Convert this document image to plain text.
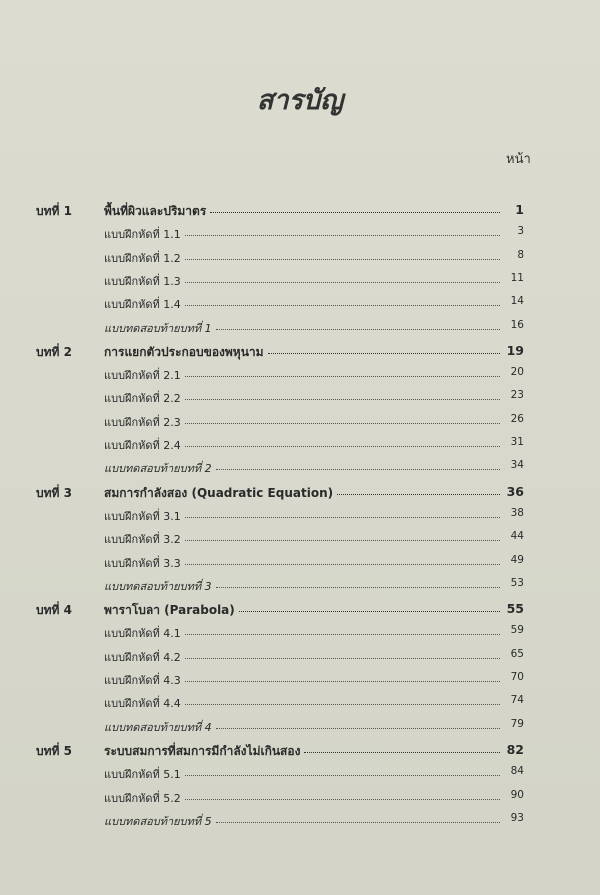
สารบัญ
หน้า
บทที่ 1	พื้นที่ผิวและปริมาตร	1
แบบฝึกหัดที่ 1.1	3
แบบฝึกหัดที่ 1.2	8
แบบฝึกหัดที่ 1.3	11
แบบฝึกหัดที่ 1.4	14
แบบทดสอบท้ายบทที่ 1	16
บทที่ 2	การแยกตัวประกอบของพหุนาม	19
แบบฝึกหัดที่ 2.1	20
แบบฝึกหัดที่ 2.2	23
แบบฝึกหัดที่ 2.3	26
แบบฝึกหัดที่ 2.4	31
แบบทดสอบท้ายบทที่ 2	34
บทที่ 3	สมการกำลังสอง (Quadratic Equation)	36
แบบฝึกหัดที่ 3.1	38
แบบฝึกหัดที่ 3.2	44
แบบฝึกหัดที่ 3.3	49
แบบทดสอบท้ายบทที่ 3	53
บทที่ 4	พาราโบลา (Parabola)	55
แบบฝึกหัดที่ 4.1	59
แบบฝึกหัดที่ 4.2	65
แบบฝึกหัดที่ 4.3	70
แบบฝึกหัดที่ 4.4	74
แบบทดสอบท้ายบทที่ 4	79
บทที่ 5	ระบบสมการที่สมการมีกำลังไม่เกินสอง	82
แบบฝึกหัดที่ 5.1	84
แบบฝึกหัดที่ 5.2	90
แบบทดสอบท้ายบทที่ 5	93
